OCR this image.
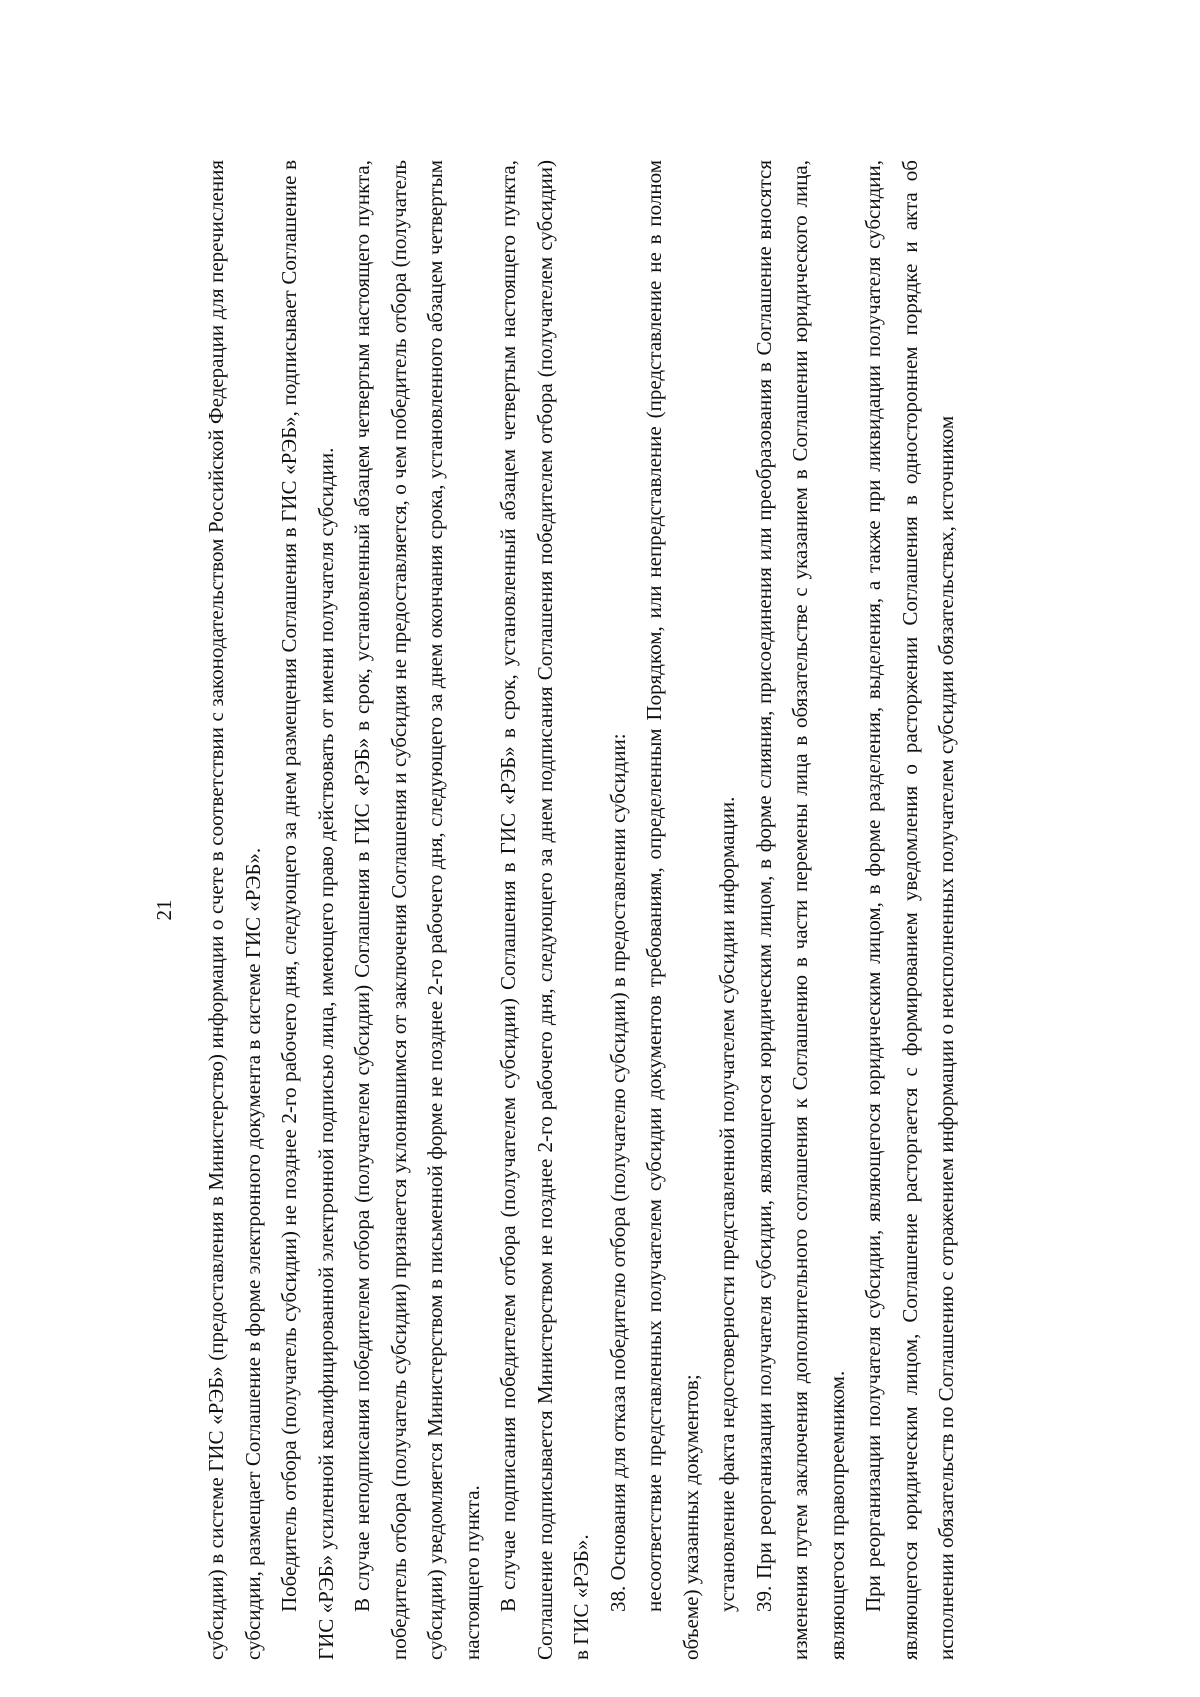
21 субсидии) в системе ГИС «РЭБ» (предоставления в Министерство) информации о счете в соответствии с законодательством Российской Федерации для перечисления субсидии, размещает Соглашение в форме электронного документа в системе ГИС «РЭБ». Победитель отбора (получатель субсидии) не позднее 2-го рабочего дня, следующего за днем размещения Соглашения в ГИС «РЭБ», подписывает Соглашение в ГИС «РЭБ» усиленной квалифицированной электронной подписью лица, имеющего право действовать от имени получателя субсидии. В случае неподписания победителем отбора (получателем субсидии) Соглашения в ГИС «РЭБ» в срок, установленный абзацем четвертым настоящего пункта, победитель отбора (получатель субсидии) признается уклонившимся от заключения Соглашения и субсидия не предоставляется, о чем победитель отбора (получатель субсидии) уведомляется Министерством в письменной форме не позднее 2-го рабочего дня, следующего за днем окончания срока, установленного абзацем четвертым настоящего пункта. В случае подписания победителем отбора (получателем субсидии) Соглашения в ГИС «РЭБ» в срок, установленный абзацем четвертым настоящего пункта, Соглашение подписывается Министерством не позднее 2-го рабочего дня, следующего за днем подписания Соглашения победителем отбора (получателем субсидии) в ГИС «РЭБ». 38. Основания для отказа победителю отбора (получателю субсидии) в предоставлении субсидии: несоответствие представленных получателем субсидии документов требованиям, определенным Порядком, или непредставление (представление не в полном объеме) указанных документов; установление факта недостоверности представленной получателем субсидии информации. 39. При реорганизации получателя субсидии, являющегося юридическим лицом, в форме слияния, присоединения или преобразования в Соглашение вносятся изменения путем заключения дополнительного соглашения к Соглашению в части перемены лица в обязательстве с указанием в Соглашении юридического лица, являющегося правопреемником. При реорганизации получателя субсидии, являющегося юридическим лицом, в форме разделения, выделения, а также при ликвидации получателя субсидии, являющегося юридическим лицом, Соглашение расторгается с формированием уведомления о расторжении Соглашения в одностороннем порядке и акта об исполнении обязательств по Соглашению с отражением информации о неисполненных получателем субсидии обязательствах, источником
